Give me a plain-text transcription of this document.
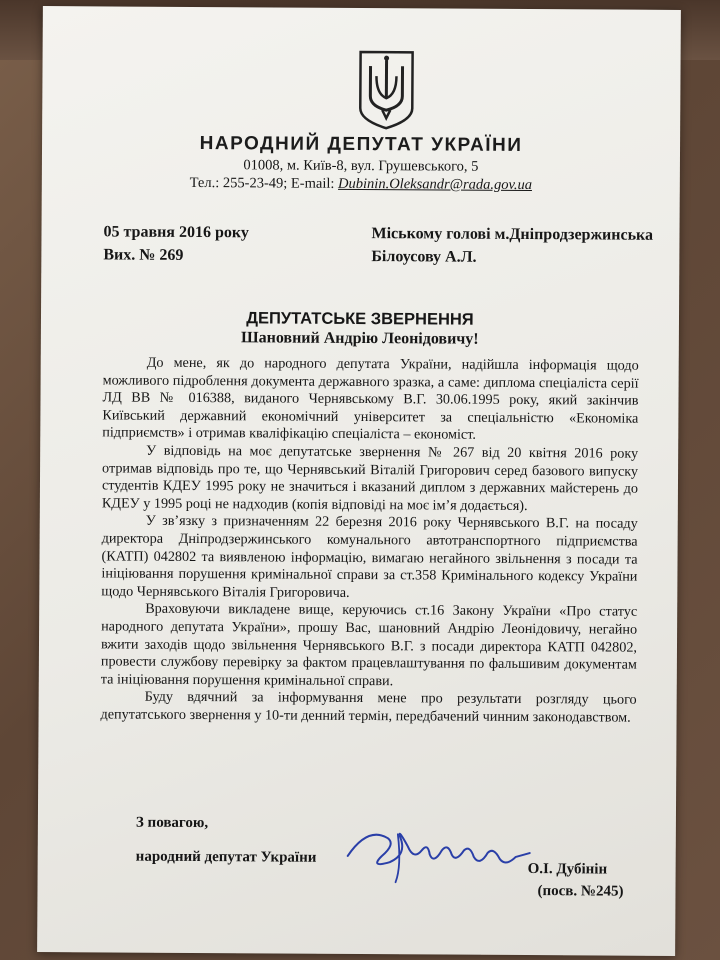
НАРОДНИЙ ДЕПУТАТ УКРАЇНИ
01008, м. Київ-8, вул. Грушевського, 5
Тел.: 255-23-49; E-mail: Dubinin.Oleksandr@rada.gov.ua
05 травня 2016 року
Вих. № 269
Міському голові м.Дніпродзержинська
Білоусову А.Л.
ДЕПУТАТСЬКЕ ЗВЕРНЕННЯ
Шановний Андрію Леонідовичу!

До мене, як до народного депутата України, надійшла інформація щодо можливого підроблення документа державного зразка, а саме: диплома спеціаліста серії ЛД ВВ № 016388, виданого Чернявському В.Г. 30.06.1995 року, який закінчив Київський державний економічний університет за спеціальністю «Економіка підприємств» і отримав кваліфікацію спеціаліста – економіст.

У відповідь на моє депутатське звернення № 267 від 20 квітня 2016 року отримав відповідь про те, що Чернявський Віталій Григорович серед базового випуску студентів КДЕУ 1995 року не значиться і вказаний диплом з державних майстерень до КДЕУ у 1995 році не надходив (копія відповіді на моє ім’я додається).

У зв’язку з призначенням 22 березня 2016 року Чернявського В.Г. на посаду директора Дніпродзержинського комунального автотранспортного підприємства (КАТП) 042802 та виявленою інформацію, вимагаю негайного звільнення з посади та ініціювання порушення кримінальної справи за ст.358 Кримінального кодексу України щодо Чернявського Віталія Григоровича.

Враховуючи викладене вище, керуючись ст.16 Закону України «Про статус народного депутата України», прошу Вас, шановний Андрію Леонідовичу, негайно вжити заходів щодо звільнення Чернявського В.Г. з посади директора КАТП 042802, провести службову перевірку за фактом працевлаштування по фальшивим документам та ініціювання порушення кримінальної справи.

Буду вдячний за інформування мене про результати розгляду цього депутатського звернення у 10-ти денний термін, передбачений чинним законодавством.

З повагою,
народний депутат України
О.І. Дубінін
(посв. №245)
